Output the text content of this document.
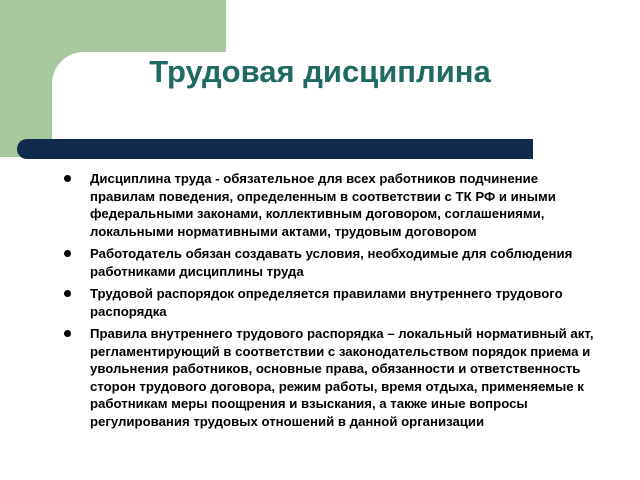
Трудовая дисциплина
Дисциплина труда - обязательное для всех работников подчинение правилам поведения, определенным в соответствии с ТК РФ и иными федеральными законами, коллективным договором, соглашениями, локальными нормативными актами, трудовым договором
Работодатель обязан создавать условия, необходимые для соблюдения работниками дисциплины труда
Трудовой распорядок определяется правилами внутреннего трудового распорядка
Правила внутреннего трудового распорядка – локальный нормативный акт, регламентирующий в соответствии с законодательством порядок приема и увольнения работников, основные права, обязанности и ответственность сторон трудового договора, режим работы, время отдыха, применяемые к работникам меры поощрения и взыскания, а также иные вопросы регулирования трудовых отношений в данной организации
